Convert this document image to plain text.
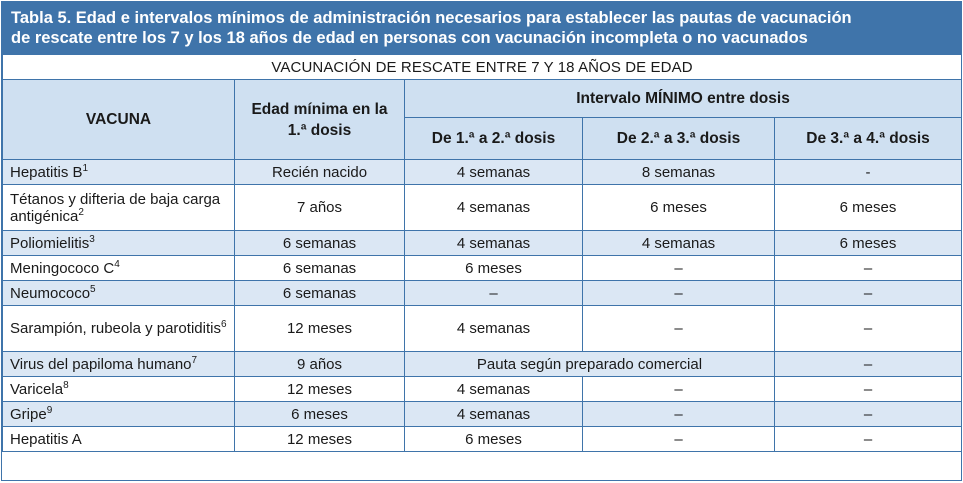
Tabla 5. Edad e intervalos mínimos de administración necesarios para establecer las pautas de vacunación
de rescate entre los 7 y los 18 años de edad en personas con vacunación incompleta o no vacunados
VACUNACIÓN DE RESCATE ENTRE 7 Y 18 AÑOS DE EDAD				
VACUNA	Edad mínima en la 1.ª dosis	Intervalo MÍNIMO entre dosis		
		De 1.ª a 2.ª dosis	De 2.ª a 3.ª dosis	De 3.ª a 4.ª dosis
Hepatitis $B^1$	Recién nacido	4 semanas	8 semanas	-
Tétanos y difteria de baja carga antigénica$^2$	7 años	4 semanas	6 meses	6 meses
Poliomielitis$^3$	6 semanas	4 semanas	4 semanas	6 meses
Meningococo $C^4$	6 semanas	6 meses	–	–
Neumococo$^5$	6 semanas	–	–	–
Sarampión, rubeola y parotiditis$^6$	12 meses	4 semanas	–	–
Virus del papiloma humano$^7$	9 años	Pauta según preparado comercial		–
Varicela$^8$	12 meses	4 semanas	–	–
Gripe$^9$	6 meses	4 semanas	–	–
Hepatitis A	12 meses	6 meses	–	–
